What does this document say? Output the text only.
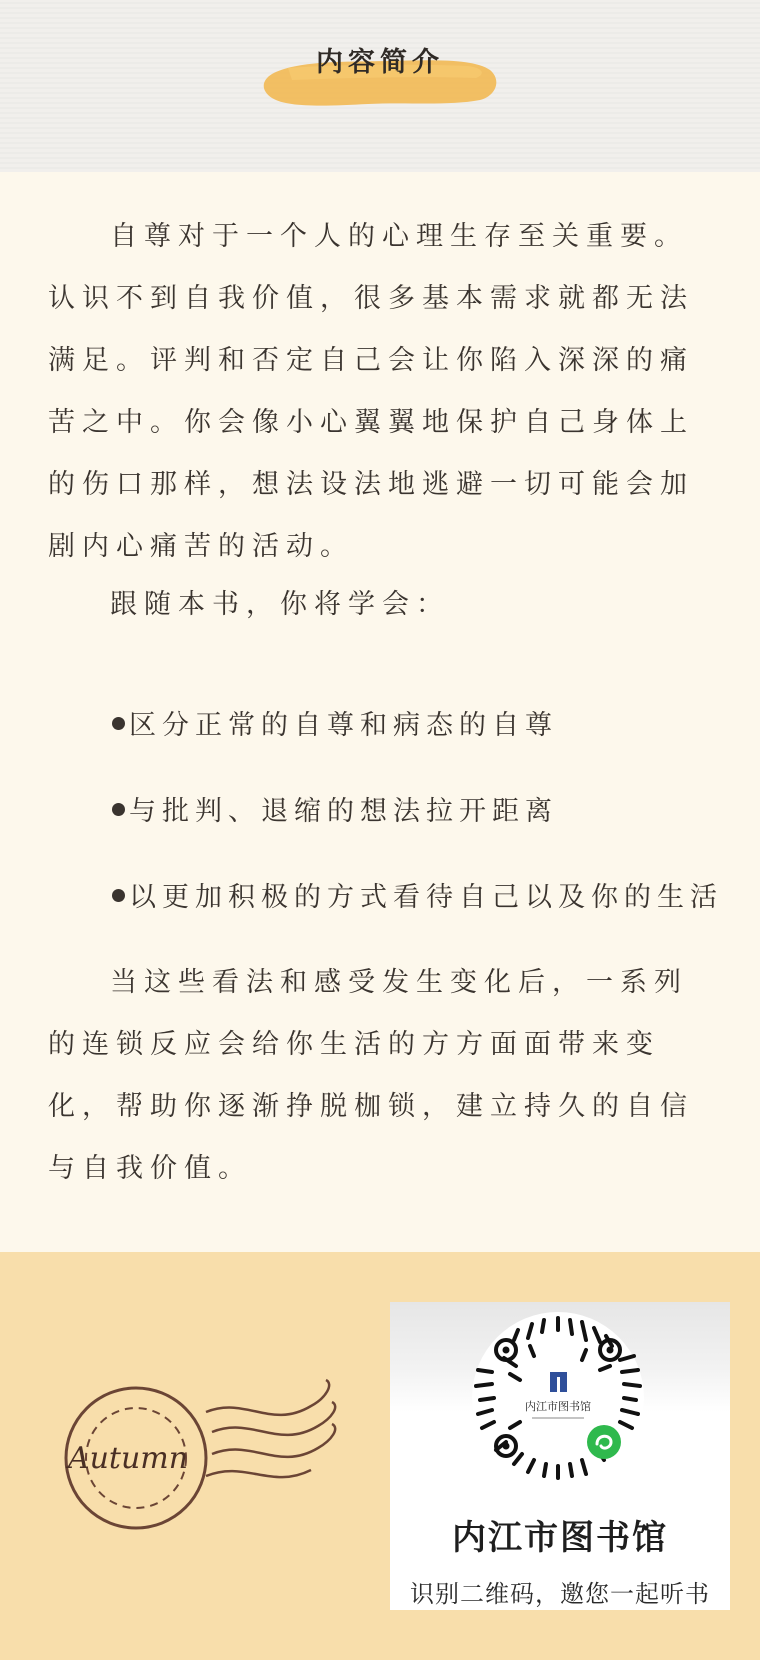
内容简介

自尊对于一个人的心理生存至关重要。认识不到自我价值，很多基本需求就都无法满足。评判和否定自己会让你陷入深深的痛苦之中。你会像小心翼翼地保护自己身体上的伤口那样，想法设法地逃避一切可能会加剧内心痛苦的活动。

跟随本书，你将学会：

区分正常的自尊和病态的自尊
与批判、退缩的想法拉开距离
以更加积极的方式看待自己以及你的生活

当这些看法和感受发生变化后，一系列的连锁反应会给你生活的方方面面带来变化，帮助你逐渐挣脱枷锁，建立持久的自信与自我价值。

Autumn
内江市图书馆
内江市图书馆
识别二维码，邀您一起听书
